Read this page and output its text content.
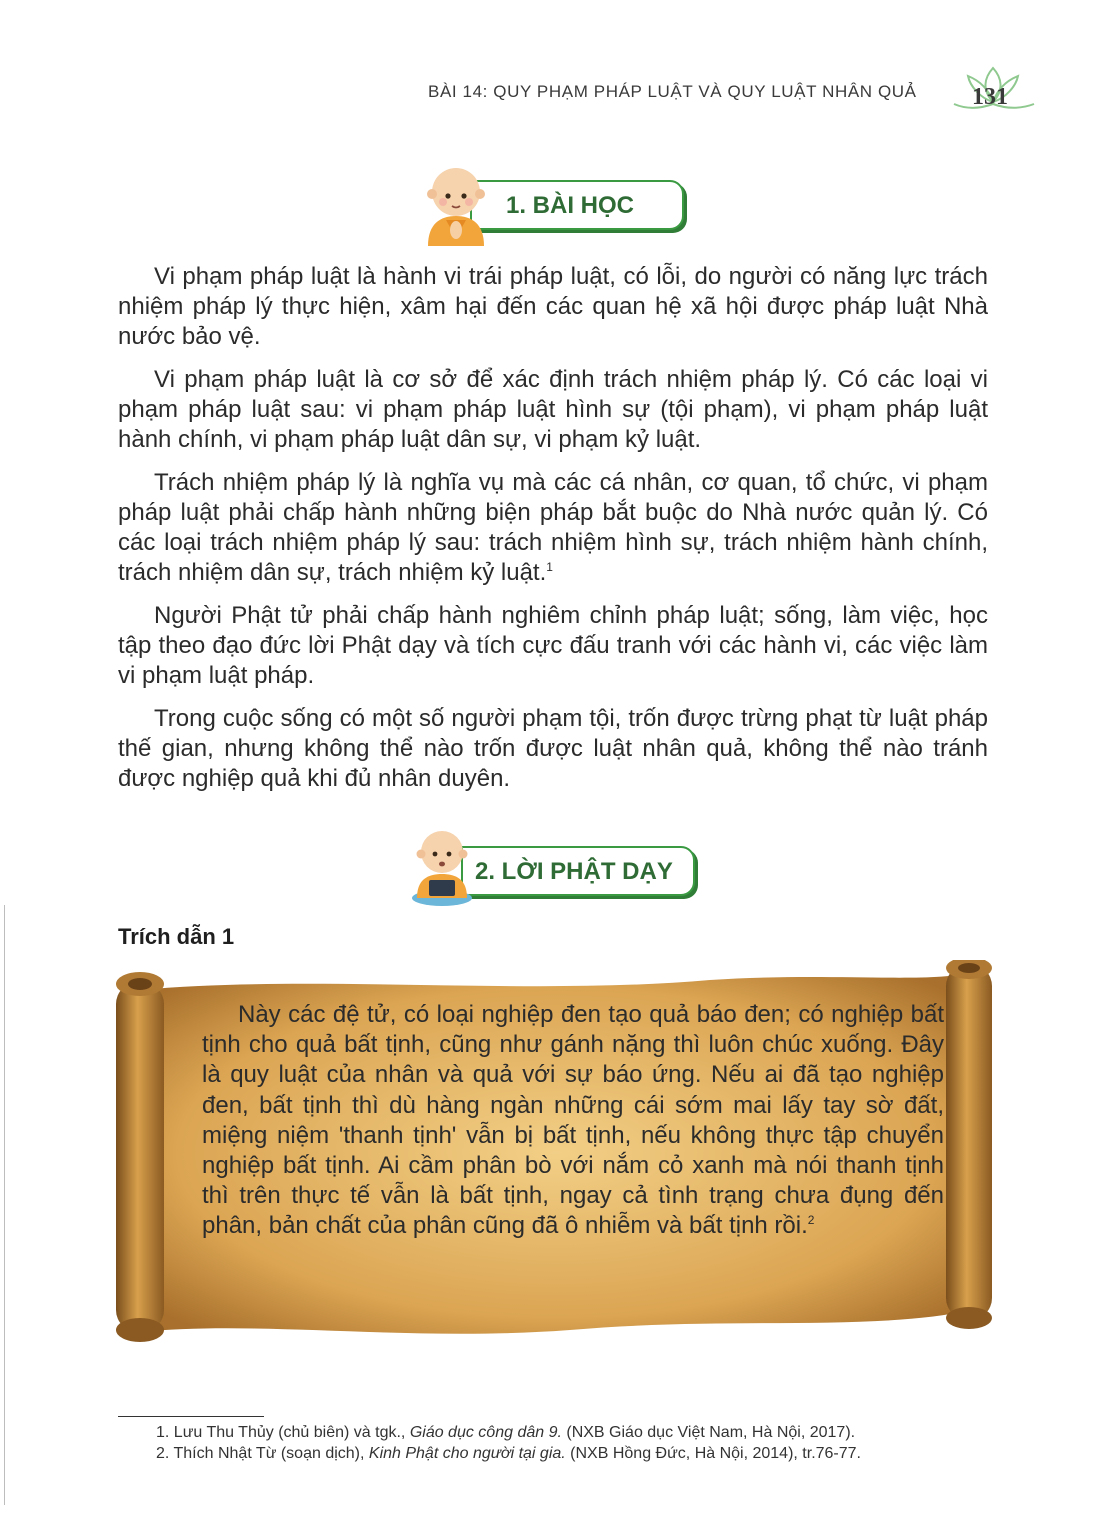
BÀI 14: QUY PHẠM PHÁP LUẬT VÀ QUY LUẬT NHÂN QUẢ 131
1. BÀI HỌC

Vi phạm pháp luật là hành vi trái pháp luật, có lỗi, do người có năng lực trách nhiệm pháp lý thực hiện, xâm hại đến các quan hệ xã hội được pháp luật Nhà nước bảo vệ.

Vi phạm pháp luật là cơ sở để xác định trách nhiệm pháp lý. Có các loại vi phạm pháp luật sau: vi phạm pháp luật hình sự (tội phạm), vi phạm pháp luật hành chính, vi phạm pháp luật dân sự, vi phạm kỷ luật.

Trách nhiệm pháp lý là nghĩa vụ mà các cá nhân, cơ quan, tổ chức, vi phạm pháp luật phải chấp hành những biện pháp bắt buộc do Nhà nước quản lý. Có các loại trách nhiệm pháp lý sau: trách nhiệm hình sự, trách nhiệm hành chính, trách nhiệm dân sự, trách nhiệm kỷ luật.$^1$

Người Phật tử phải chấp hành nghiêm chỉnh pháp luật; sống, làm việc, học tập theo đạo đức lời Phật dạy và tích cực đấu tranh với các hành vi, các việc làm vi phạm luật pháp.

Trong cuộc sống có một số người phạm tội, trốn được trừng phạt từ luật pháp thế gian, nhưng không thể nào trốn được luật nhân quả, không thể nào tránh được nghiệp quả khi đủ nhân duyên.

2. LỜI PHẬT DẠY
Trích dẫn 1

Này các đệ tử, có loại nghiệp đen tạo quả báo đen; có nghiệp bất tịnh cho quả bất tịnh, cũng như gánh nặng thì luôn chúc xuống. Đây là quy luật của nhân và quả với sự báo ứng. Nếu ai đã tạo nghiệp đen, bất tịnh thì dù hàng ngàn những cái sớm mai lấy tay sờ đất, miệng niệm 'thanh tịnh' vẫn bị bất tịnh, nếu không thực tập chuyển nghiệp bất tịnh. Ai cầm phân bò với nắm cỏ xanh mà nói thanh tịnh thì trên thực tế vẫn là bất tịnh, ngay cả tình trạng chưa đụng đến phân, bản chất của phân cũng đã ô nhiễm và bất tịnh rồi.$^2$

1. Lưu Thu Thủy (chủ biên) và tgk., Giáo dục công dân 9. (NXB Giáo dục Việt Nam, Hà Nội, 2017).
2. Thích Nhật Từ (soạn dịch), Kinh Phật cho người tại gia. (NXB Hồng Đức, Hà Nội, 2014), tr.76-77.
